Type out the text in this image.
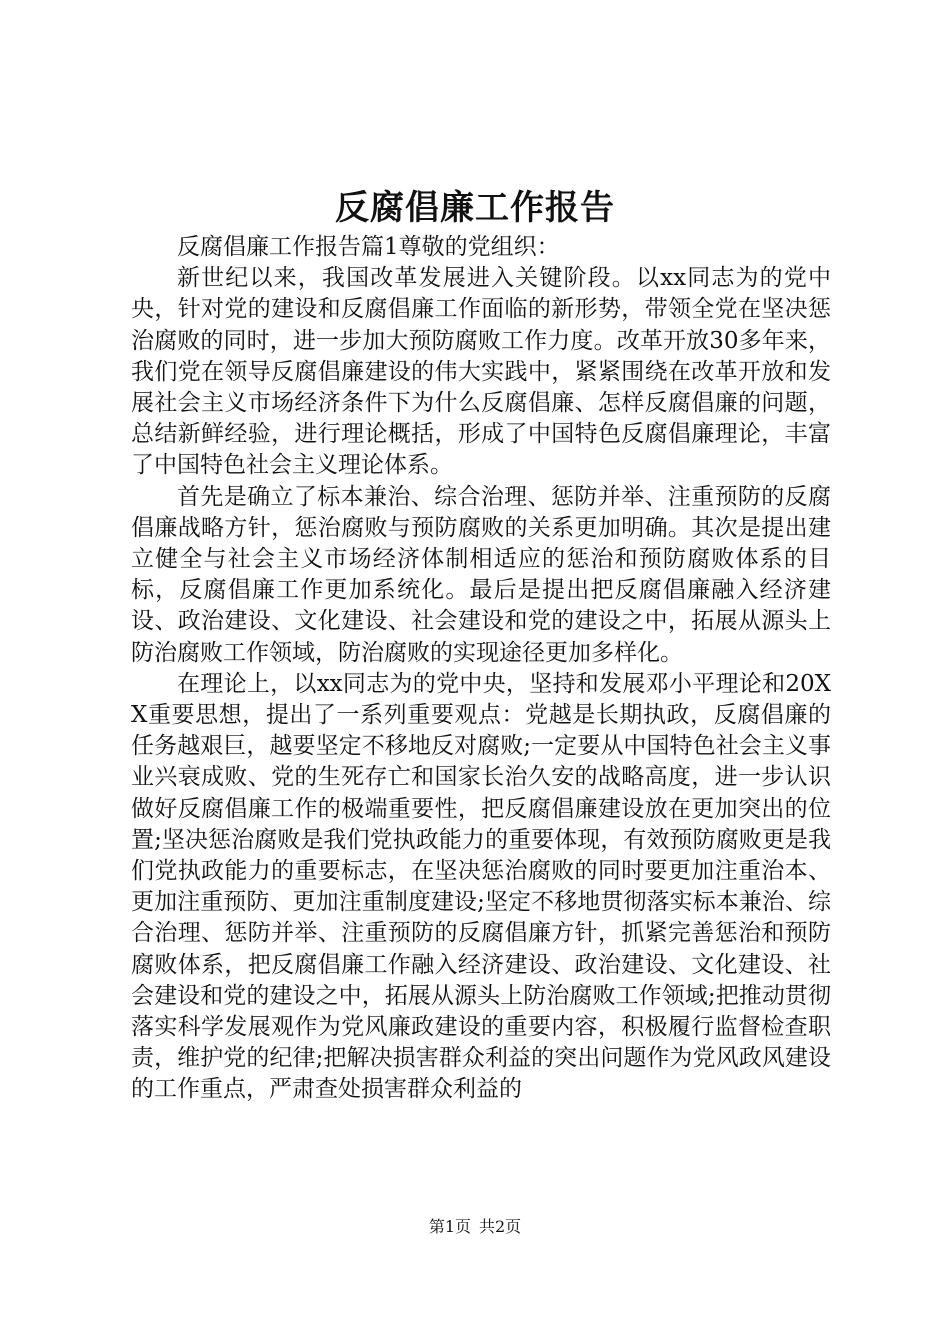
反腐倡廉工作报告

反腐倡廉工作报告篇1尊敬的党组织：

新世纪以来，我国改革发展进入关键阶段。以xx同志为的党中央，针对党的建设和反腐倡廉工作面临的新形势，带领全党在坚决惩治腐败的同时，进一步加大预防腐败工作力度。改革开放30多年来，我们党在领导反腐倡廉建设的伟大实践中，紧紧围绕在改革开放和发展社会主义市场经济条件下为什么反腐倡廉、怎样反腐倡廉的问题，总结新鲜经验，进行理论概括，形成了中国特色反腐倡廉理论，丰富了中国特色社会主义理论体系。

首先是确立了标本兼治、综合治理、惩防并举、注重预防的反腐倡廉战略方针，惩治腐败与预防腐败的关系更加明确。其次是提出建立健全与社会主义市场经济体制相适应的惩治和预防腐败体系的目标，反腐倡廉工作更加系统化。最后是提出把反腐倡廉融入经济建设、政治建设、文化建设、社会建设和党的建设之中，拓展从源头上防治腐败工作领域，防治腐败的实现途径更加多样化。

在理论上，以xx同志为的党中央，坚持和发展邓小平理论和20XX重要思想，提出了一系列重要观点：党越是长期执政，反腐倡廉的任务越艰巨，越要坚定不移地反对腐败;一定要从中国特色社会主义事业兴衰成败、党的生死存亡和国家长治久安的战略高度，进一步认识做好反腐倡廉工作的极端重要性，把反腐倡廉建设放在更加突出的位置;坚决惩治腐败是我们党执政能力的重要体现，有效预防腐败更是我们党执政能力的重要标志，在坚决惩治腐败的同时要更加注重治本、更加注重预防、更加注重制度建设;坚定不移地贯彻落实标本兼治、综合治理、惩防并举、注重预防的反腐倡廉方针，抓紧完善惩治和预防腐败体系，把反腐倡廉工作融入经济建设、政治建设、文化建设、社会建设和党的建设之中，拓展从源头上防治腐败工作领域;把推动贯彻落实科学发展观作为党风廉政建设的重要内容，积极履行监督检查职责，维护党的纪律;把解决损害群众利益的突出问题作为党风政风建设的工作重点，严肃查处损害群众利益的

第1页 共2页
